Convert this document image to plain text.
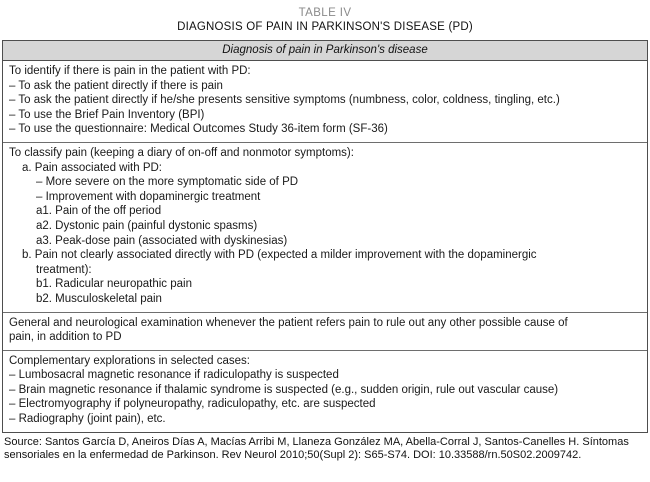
TABLE IV
DIAGNOSIS OF PAIN IN PARKINSON'S DISEASE (PD)
Diagnosis of pain in Parkinson's disease
To identify if there is pain in the patient with PD:
– To ask the patient directly if there is pain
– To ask the patient directly if he/she presents sensitive symptoms (numbness, color, coldness, tingling, etc.)
– To use the Brief Pain Inventory (BPI)
– To use the questionnaire: Medical Outcomes Study 36-item form (SF-36)
To classify pain (keeping a diary of on-off and nonmotor symptoms):
a. Pain associated with PD:
– More severe on the more symptomatic side of PD
– Improvement with dopaminergic treatment
a1. Pain of the off period
a2. Dystonic pain (painful dystonic spasms)
a3. Peak-dose pain (associated with dyskinesias)
b. Pain not clearly associated directly with PD (expected a milder improvement with the dopaminergic
treatment):
b1. Radicular neuropathic pain
b2. Musculoskeletal pain
General and neurological examination whenever the patient refers pain to rule out any other possible cause of
pain, in addition to PD
Complementary explorations in selected cases:
– Lumbosacral magnetic resonance if radiculopathy is suspected
– Brain magnetic resonance if thalamic syndrome is suspected (e.g., sudden origin, rule out vascular cause)
– Electromyography if polyneuropathy, radiculopathy, etc. are suspected
– Radiography (joint pain), etc.
Source: Santos García D, Aneiros Días A, Macías Arribi M, Llaneza González MA, Abella-Corral J, Santos-Canelles H. Síntomas sensoriales en la enfermedad de Parkinson. Rev Neurol 2010;50(Supl 2): S65-S74. DOI: 10.33588/rn.50S02.2009742.
